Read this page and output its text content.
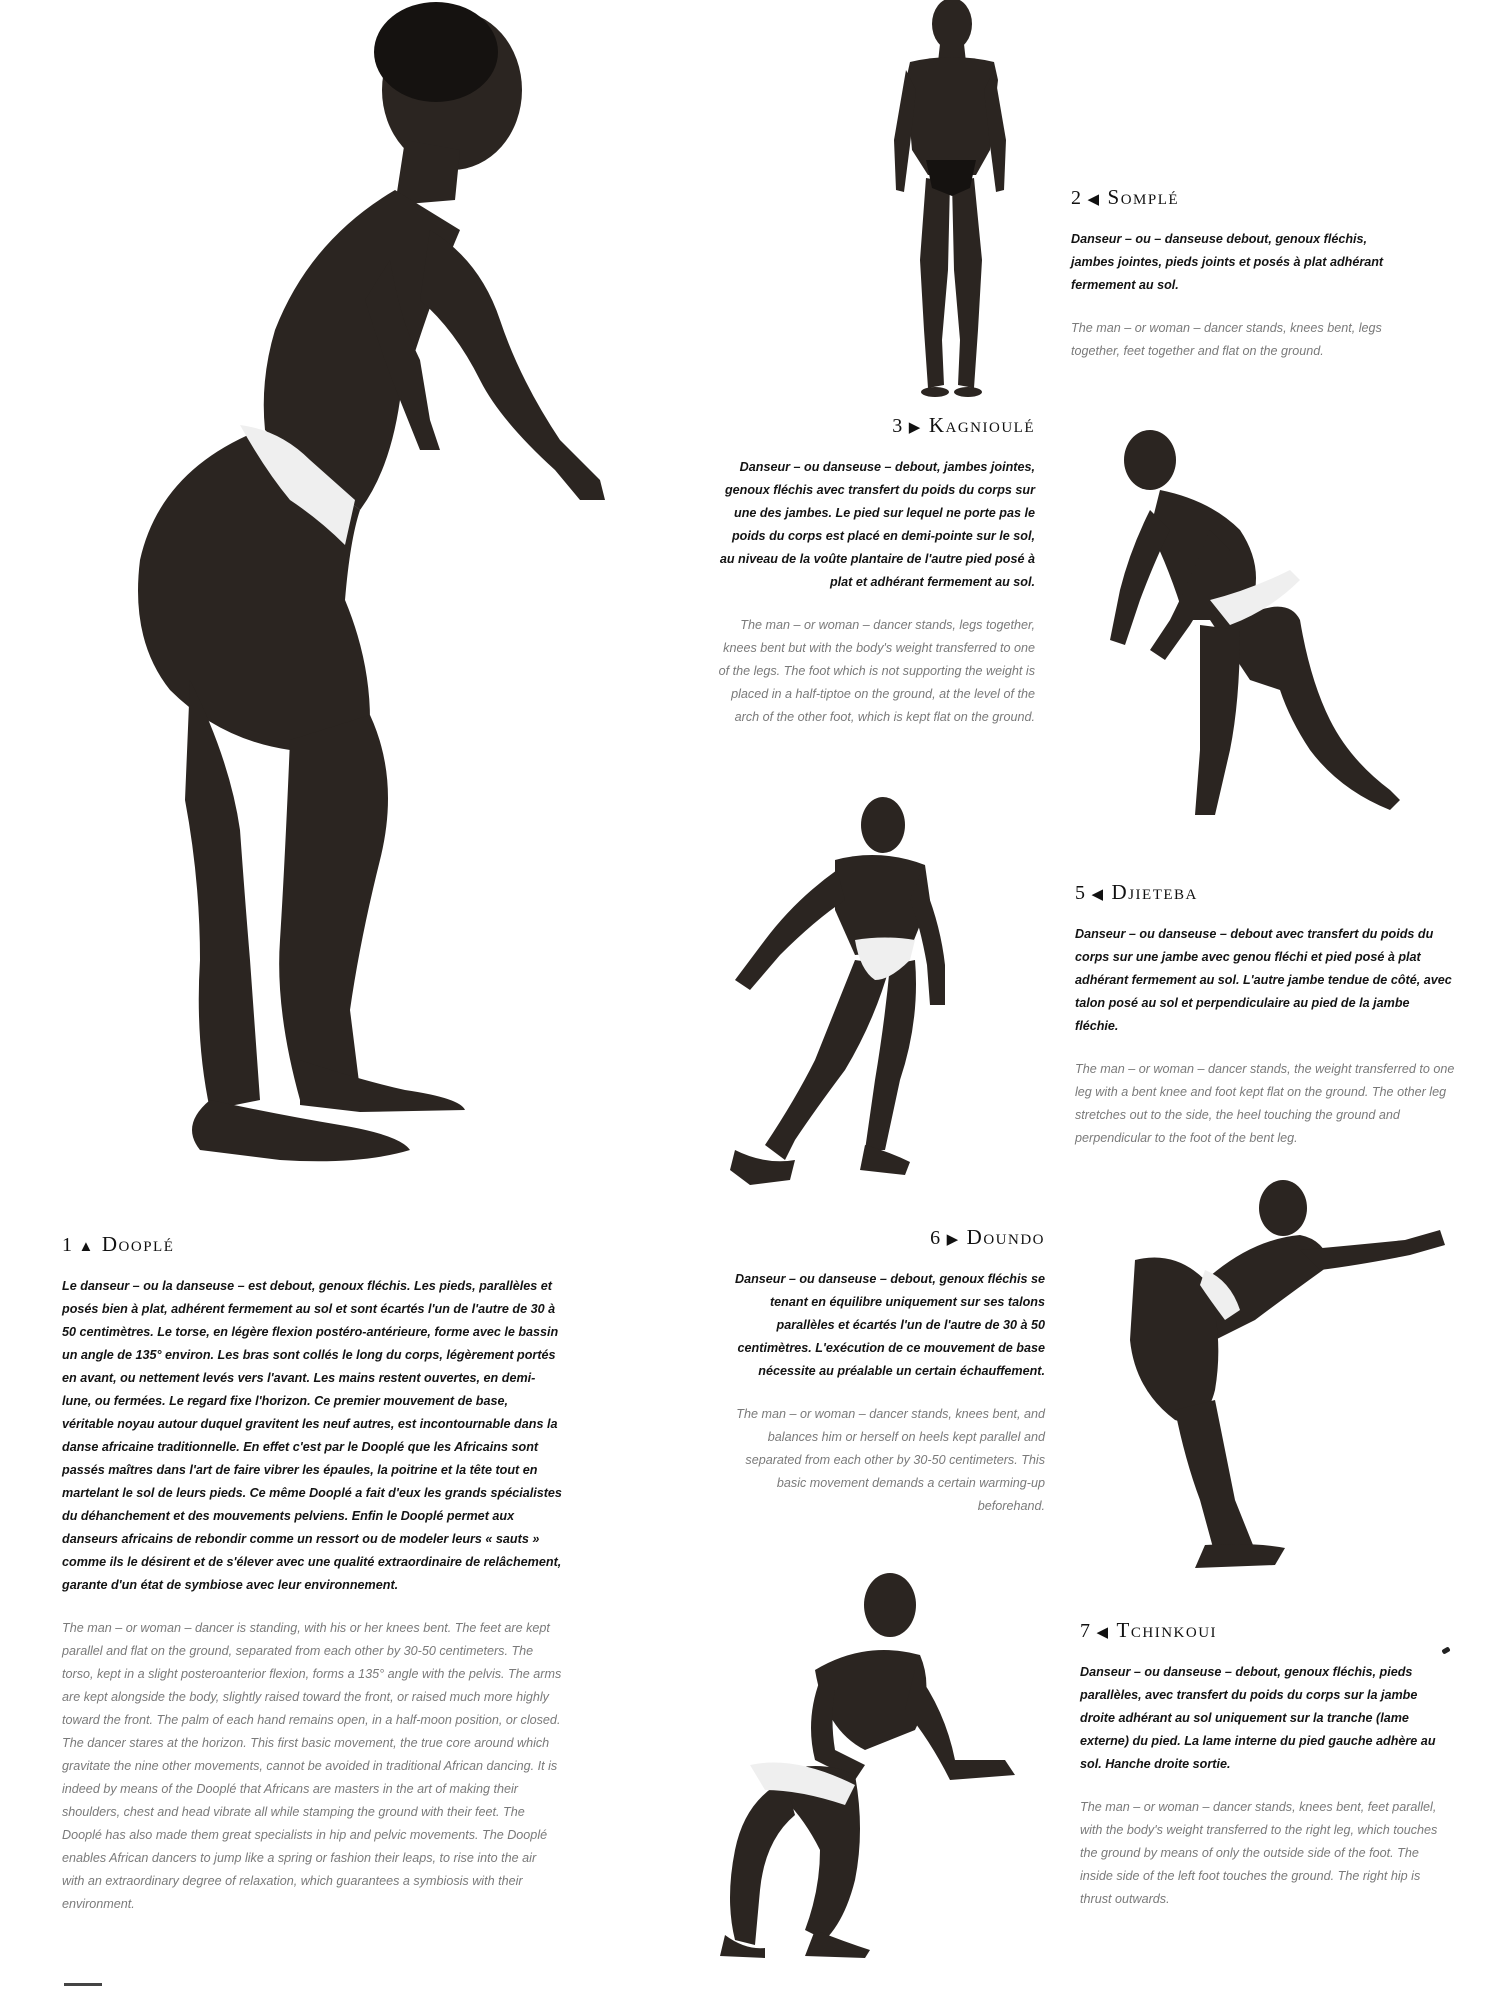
1 ▲ Dooplé

Le danseur – ou la danseuse – est debout, genoux fléchis. Les pieds, parallèles et posés bien à plat, adhérent fermement au sol et sont écartés l'un de l'autre de 30 à 50 centimètres. Le torse, en légère flexion postéro-antérieure, forme avec le bassin un angle de 135° environ. Les bras sont collés le long du corps, légèrement portés en avant, ou nettement levés vers l'avant. Les mains restent ouvertes, en demi-lune, ou fermées. Le regard fixe l'horizon. Ce premier mouvement de base, véritable noyau autour duquel gravitent les neuf autres, est incontournable dans la danse africaine traditionnelle. En effet c'est par le Dooplé que les Africains sont passés maîtres dans l'art de faire vibrer les épaules, la poitrine et la tête tout en martelant le sol de leurs pieds. Ce même Dooplé a fait d'eux les grands spécialistes du déhanchement et des mouvements pelviens. Enfin le Dooplé permet aux danseurs africains de rebondir comme un ressort ou de modeler leurs « sauts » comme ils le désirent et de s'élever avec une qualité extraordinaire de relâchement, garante d'un état de symbiose avec leur environnement.

The man – or woman – dancer is standing, with his or her knees bent. The feet are kept parallel and flat on the ground, separated from each other by 30-50 centimeters. The torso, kept in a slight posteroanterior flexion, forms a 135° angle with the pelvis. The arms are kept alongside the body, slightly raised toward the front, or raised much more highly toward the front. The palm of each hand remains open, in a half-moon position, or closed. The dancer stares at the horizon. This first basic movement, the true core around which gravitate the nine other movements, cannot be avoided in traditional African dancing. It is indeed by means of the Dooplé that Africans are masters in the art of making their shoulders, chest and head vibrate all while stamping the ground with their feet. The Dooplé has also made them great specialists in hip and pelvic movements. The Dooplé enables African dancers to jump like a spring or fashion their leaps, to rise into the air with an extraordinary degree of relaxation, which guarantees a symbiosis with their environment.

2 ◀ Somplé

Danseur – ou – danseuse debout, genoux fléchis, jambes jointes, pieds joints et posés à plat adhérant fermement au sol.

The man – or woman – dancer stands, knees bent, legs together, feet together and flat on the ground.

3 ▶ Kagnioulé

Danseur – ou danseuse – debout, jambes jointes, genoux fléchis avec transfert du poids du corps sur une des jambes. Le pied sur lequel ne porte pas le poids du corps est placé en demi-pointe sur le sol, au niveau de la voûte plantaire de l'autre pied posé à plat et adhérant fermement au sol.

The man – or woman – dancer stands, legs together, knees bent but with the body's weight transferred to one of the legs. The foot which is not supporting the weight is placed in a half-tiptoe on the ground, at the level of the arch of the other foot, which is kept flat on the ground.

5 ◀ Djieteba

Danseur – ou danseuse – debout avec transfert du poids du corps sur une jambe avec genou fléchi et pied posé à plat adhérant fermement au sol. L'autre jambe tendue de côté, avec talon posé au sol et perpendiculaire au pied de la jambe fléchie.

The man – or woman – dancer stands, the weight transferred to one leg with a bent knee and foot kept flat on the ground. The other leg stretches out to the side, the heel touching the ground and perpendicular to the foot of the bent leg.

6 ▶ Doundo

Danseur – ou danseuse – debout, genoux fléchis se tenant en équilibre uniquement sur ses talons parallèles et écartés l'un de l'autre de 30 à 50 centimètres. L'exécution de ce mouvement de base nécessite au préalable un certain échauffement.

The man – or woman – dancer stands, knees bent, and balances him or herself on heels kept parallel and separated from each other by 30-50 centimeters. This basic movement demands a certain warming-up beforehand.

7 ◀ Tchinkoui

Danseur – ou danseuse – debout, genoux fléchis, pieds parallèles, avec transfert du poids du corps sur la jambe droite adhérant au sol uniquement sur la tranche (lame externe) du pied. La lame interne du pied gauche adhère au sol. Hanche droite sortie.

The man – or woman – dancer stands, knees bent, feet parallel, with the body's weight transferred to the right leg, which touches the ground by means of only the outside side of the foot. The inside side of the left foot touches the ground. The right hip is thrust outwards.
